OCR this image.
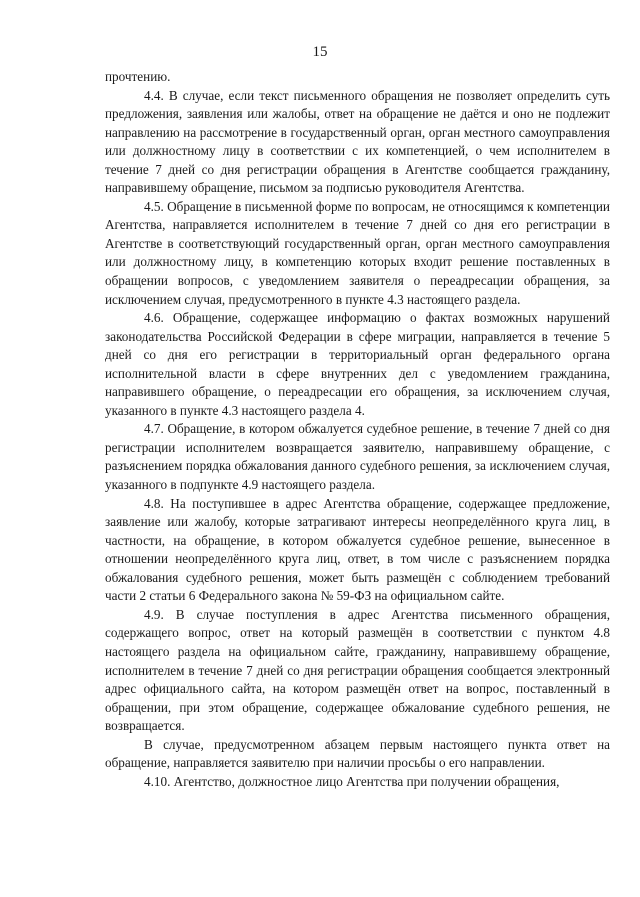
15

прочтению.

4.4. В случае, если текст письменного обращения не позволяет определить суть предложения, заявления или жалобы, ответ на обращение не даётся и оно не подлежит направлению на рассмотрение в государственный орган, орган местного самоуправления или должностному лицу в соответствии с их компетенцией, о чем исполнителем в течение 7 дней со дня регистрации обращения в Агентстве сообщается гражданину, направившему обращение, письмом за подписью руководителя Агентства.

4.5. Обращение в письменной форме по вопросам, не относящимся к компетенции Агентства, направляется исполнителем в течение 7 дней со дня его регистрации в Агентстве в соответствующий государственный орган, орган местного самоуправления или должностному лицу, в компетенцию которых входит решение поставленных в обращении вопросов, с уведомлением заявителя о переадресации обращения, за исключением случая, предусмотренного в пункте 4.3 настоящего раздела.

4.6. Обращение, содержащее информацию о фактах возможных нарушений законодательства Российской Федерации в сфере миграции, направляется в течение 5 дней со дня его регистрации в территориальный орган федерального органа исполнительной власти в сфере внутренних дел с уведомлением гражданина, направившего обращение, о переадресации его обращения, за исключением случая, указанного в пункте 4.3 настоящего раздела 4.

4.7. Обращение, в котором обжалуется судебное решение, в течение 7 дней со дня регистрации исполнителем возвращается заявителю, направившему обращение, с разъяснением порядка обжалования данного судебного решения, за исключением случая, указанного в подпункте 4.9 настоящего раздела.

4.8. На поступившее в адрес Агентства обращение, содержащее предложение, заявление или жалобу, которые затрагивают интересы неопределённого круга лиц, в частности, на обращение, в котором обжалуется судебное решение, вынесенное в отношении неопределённого круга лиц, ответ, в том числе с разъяснением порядка обжалования судебного решения, может быть размещён с соблюдением требований части 2 статьи 6 Федерального закона № 59-ФЗ на официальном сайте.

4.9. В случае поступления в адрес Агентства письменного обращения, содержащего вопрос, ответ на который размещён в соответствии с пунктом 4.8 настоящего раздела на официальном сайте, гражданину, направившему обращение, исполнителем в течение 7 дней со дня регистрации обращения сообщается электронный адрес официального сайта, на котором размещён ответ на вопрос, поставленный в обращении, при этом обращение, содержащее обжалование судебного решения, не возвращается.

В случае, предусмотренном абзацем первым настоящего пункта ответ на обращение, направляется заявителю при наличии просьбы о его направлении.

4.10. Агентство, должностное лицо Агентства при получении обращения,
